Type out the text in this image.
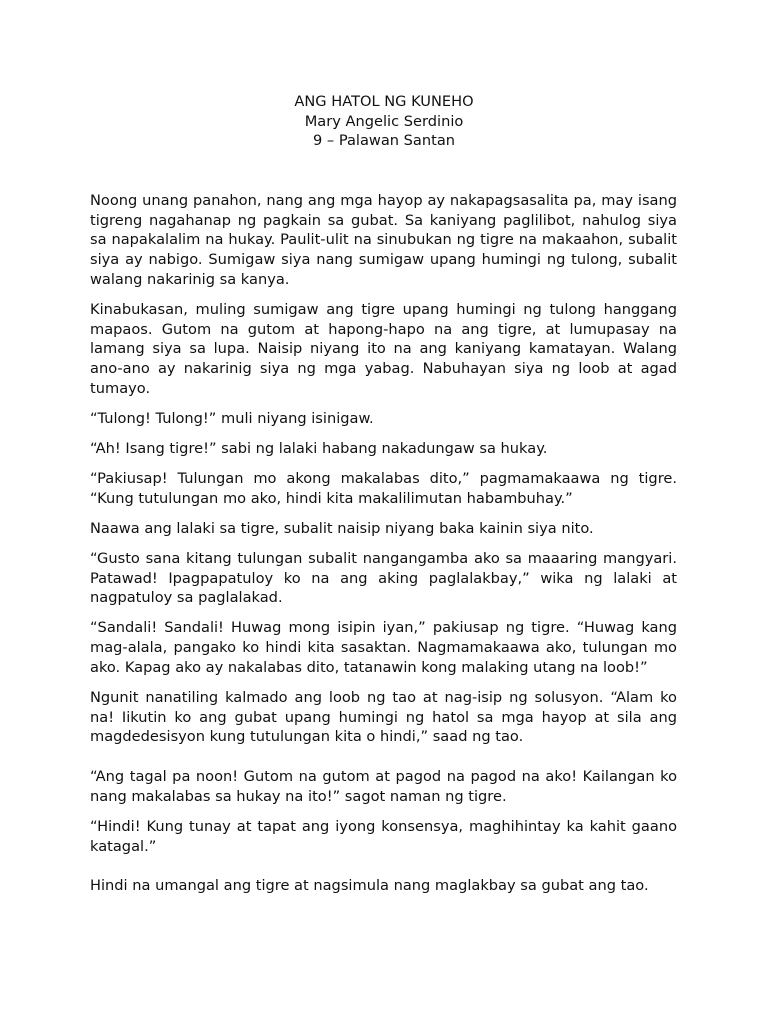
ANG HATOL NG KUNEHO
Mary Angelic Serdinio
9 – Palawan Santan

Noong unang panahon, nang ang mga hayop ay nakapagsasalita pa, may isang tigreng nagahanap ng pagkain sa gubat. Sa kaniyang paglilibot, nahulog siya sa napakalalim na hukay. Paulit-ulit na sinubukan ng tigre na makaahon, subalit siya ay nabigo. Sumigaw siya nang sumigaw upang humingi ng tulong, subalit walang nakarinig sa kanya.

Kinabukasan, muling sumigaw ang tigre upang humingi ng tulong hanggang mapaos. Gutom na gutom at hapong-hapo na ang tigre, at lumupasay na lamang siya sa lupa. Naisip niyang ito na ang kaniyang kamatayan. Walang ano-ano ay nakarinig siya ng mga yabag. Nabuhayan siya ng loob at agad tumayo.

“Tulong! Tulong!” muli niyang isinigaw.

“Ah! Isang tigre!” sabi ng lalaki habang nakadungaw sa hukay.

“Pakiusap! Tulungan mo akong makalabas dito,” pagmamakaawa ng tigre. “Kung tutulungan mo ako, hindi kita makalilimutan habambuhay.”

Naawa ang lalaki sa tigre, subalit naisip niyang baka kainin siya nito.

“Gusto sana kitang tulungan subalit nangangamba ako sa maaaring mangyari. Patawad! Ipagpapatuloy ko na ang aking paglalakbay,” wika ng lalaki at nagpatuloy sa paglalakad.

“Sandali! Sandali! Huwag mong isipin iyan,” pakiusap ng tigre. “Huwag kang mag-alala, pangako ko hindi kita sasaktan. Nagmamakaawa ako, tulungan mo ako. Kapag ako ay nakalabas dito, tatanawin kong malaking utang na loob!”

Ngunit nanatiling kalmado ang loob ng tao at nag-isip ng solusyon. “Alam ko na! Iikutin ko ang gubat upang humingi ng hatol sa mga hayop at sila ang magdedesisyon kung tutulungan kita o hindi,” saad ng tao.

“Ang tagal pa noon! Gutom na gutom at pagod na pagod na ako! Kailangan ko nang makalabas sa hukay na ito!” sagot naman ng tigre.

“Hindi! Kung tunay at tapat ang iyong konsensya, maghihintay ka kahit gaano katagal.”

Hindi na umangal ang tigre at nagsimula nang maglakbay sa gubat ang tao.
